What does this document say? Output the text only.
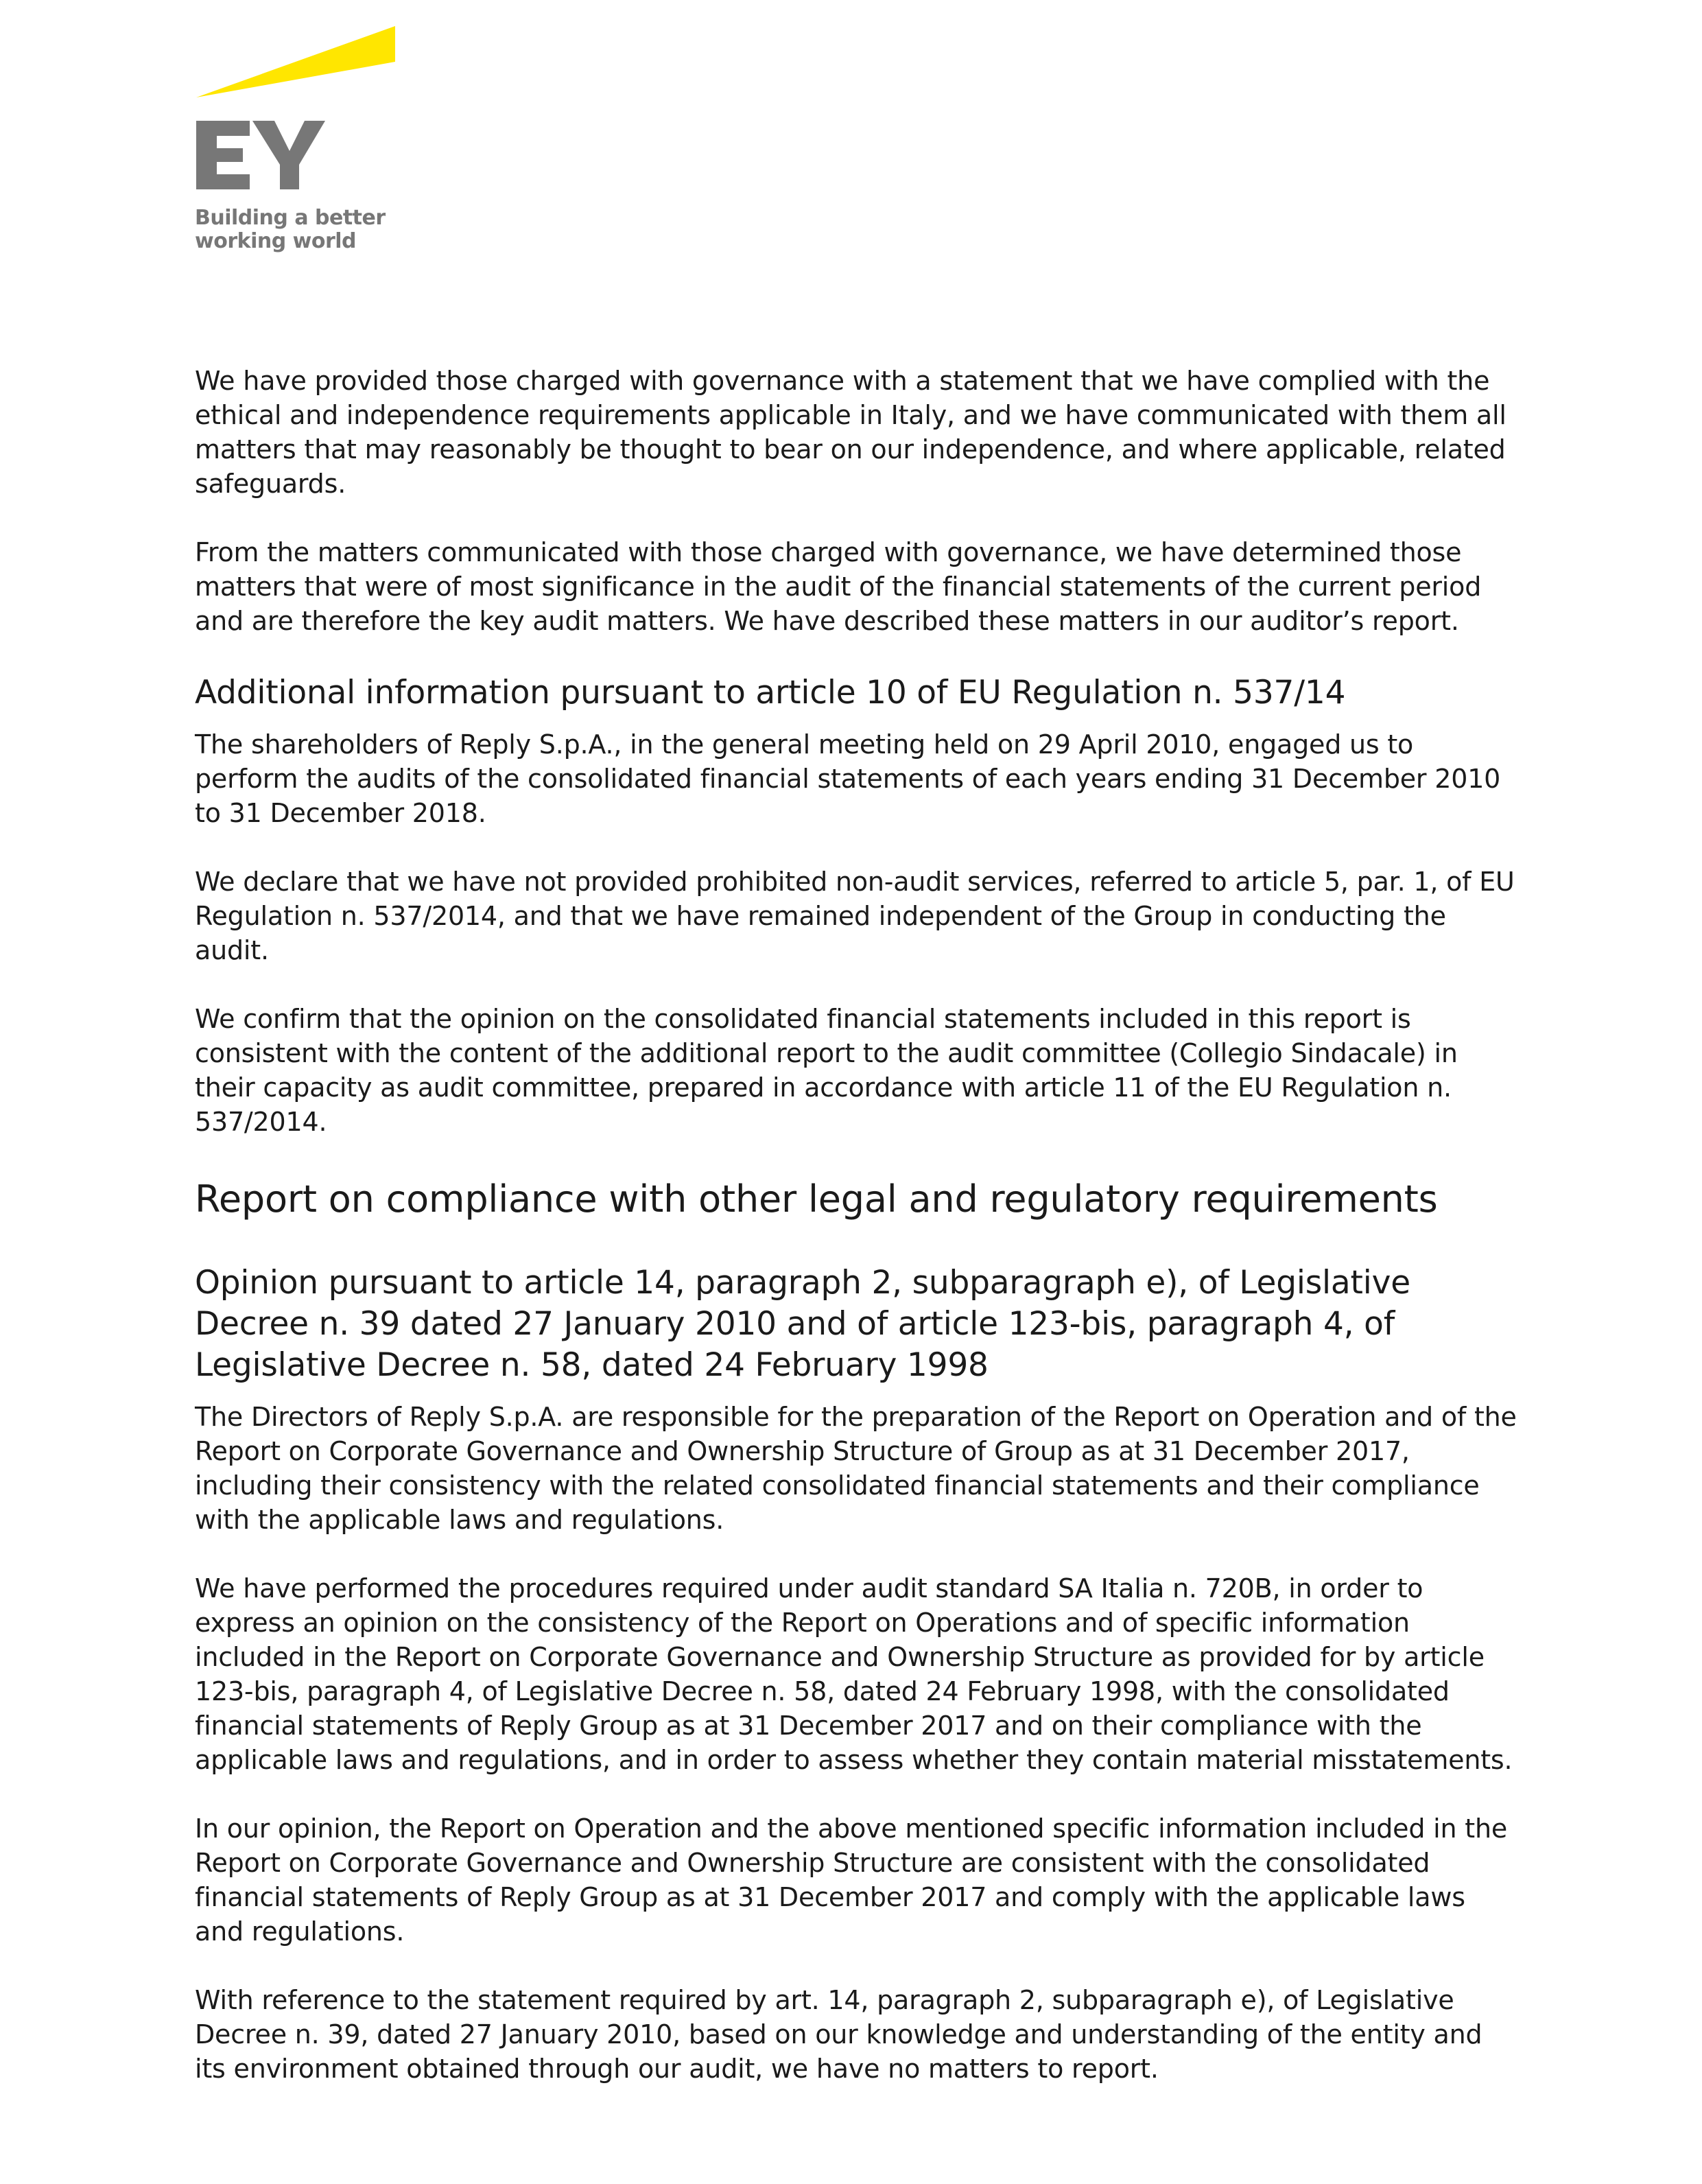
Building a better
working world

We have provided those charged with governance with a statement that we have complied with the ethical and independence requirements applicable in Italy, and we have communicated with them all matters that may reasonably be thought to bear on our independence, and where applicable, related safeguards.

From the matters communicated with those charged with governance, we have determined those matters that were of most significance in the audit of the financial statements of the current period and are therefore the key audit matters. We have described these matters in our auditor’s report.

Additional information pursuant to article 10 of EU Regulation n. 537/14

The shareholders of Reply S.p.A., in the general meeting held on 29 April 2010, engaged us to perform the audits of the consolidated financial statements of each years ending 31 December 2010 to 31 December 2018.

We declare that we have not provided prohibited non-audit services, referred to article 5, par. 1, of EU Regulation n. 537/2014, and that we have remained independent of the Group in conducting the audit.

We confirm that the opinion on the consolidated financial statements included in this report is consistent with the content of the additional report to the audit committee (Collegio Sindacale) in their capacity as audit committee, prepared in accordance with article 11 of the EU Regulation n. 537/2014.

Report on compliance with other legal and regulatory requirements
Opinion pursuant to article 14, paragraph 2, subparagraph e), of Legislative Decree n. 39 dated 27 January 2010 and of article 123-bis, paragraph 4, of Legislative Decree n. 58, dated 24 February 1998

The Directors of Reply S.p.A. are responsible for the preparation of the Report on Operation and of the Report on Corporate Governance and Ownership Structure of Group as at 31 December 2017, including their consistency with the related consolidated financial statements and their compliance with the applicable laws and regulations.

We have performed the procedures required under audit standard SA Italia n. 720B, in order to express an opinion on the consistency of the Report on Operations and of specific information included in the Report on Corporate Governance and Ownership Structure as provided for by article 123-bis, paragraph 4, of Legislative Decree n. 58, dated 24 February 1998, with the consolidated financial statements of Reply Group as at 31 December 2017 and on their compliance with the applicable laws and regulations, and in order to assess whether they contain material misstatements.

In our opinion, the Report on Operation and the above mentioned specific information included in the Report on Corporate Governance and Ownership Structure are consistent with the consolidated financial statements of Reply Group as at 31 December 2017 and comply with the applicable laws and regulations.

With reference to the statement required by art. 14, paragraph 2, subparagraph e), of Legislative Decree n. 39, dated 27 January 2010, based on our knowledge and understanding of the entity and its environment obtained through our audit, we have no matters to report.
